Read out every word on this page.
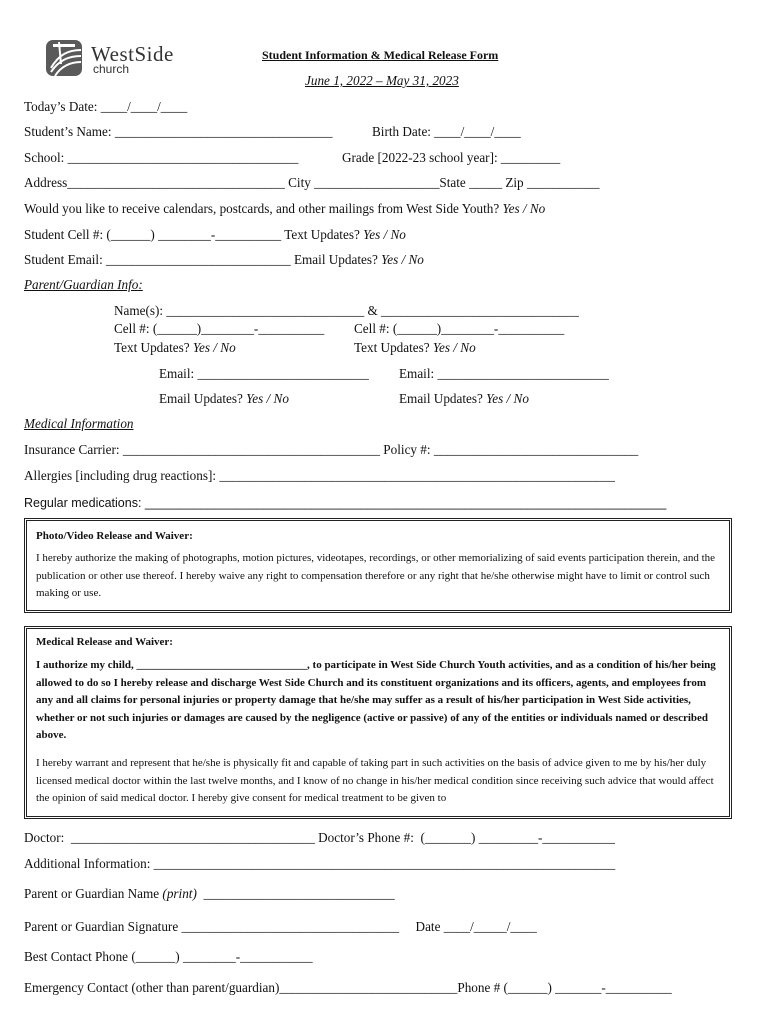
WestSide
church
Student Information & Medical Release Form
June 1, 2022 – May 31, 2023
Today’s Date: ____/____/____
Student’s Name: _________________________________	Birth Date: ____/____/____
School: ___________________________________	Grade [2022-23 school year]: _________
Address_________________________________ City ___________________State _____ Zip ___________
Would you like to receive calendars, postcards, and other mailings from West Side Youth? Yes / No
Student Cell #: (______) ________-__________ Text Updates? Yes / No
Student Email: ____________________________ Email Updates? Yes / No
Parent/Guardian Info:
Name(s): ______________________________ & ______________________________
Cell #: (______)________-__________ Cell #: (______)________-__________
Text Updates? Yes / No	Text Updates? Yes / No
Email: __________________________ Email: __________________________
Email Updates? Yes / No	Email Updates? Yes / No
Medical Information
Insurance Carrier: _______________________________________ Policy #: _______________________________
Allergies [including drug reactions]: ____________________________________________________________
Regular medications: ___________________________________________________________________________
Photo/Video Release and Waiver:
I hereby authorize the making of photographs, motion pictures, videotapes, recordings, or other memorializing of said events participation therein, and the publication or other use thereof. I hereby waive any right to compensation therefore or any right that he/she otherwise might have to limit or control such making or use.
Medical Release and Waiver:
I authorize my child, _______________________________, to participate in West Side Church Youth activities, and as a condition of his/her being allowed to do so I hereby release and discharge West Side Church and its constituent organizations and its officers, agents, and employees from any and all claims for personal injuries or property damage that he/she may suffer as a result of his/her participation in West Side activities, whether or not such injuries or damages are caused by the negligence (active or passive) of any of the entities or individuals named or described above.
I hereby warrant and represent that he/she is physically fit and capable of taking part in such activities on the basis of advice given to me by his/her duly licensed medical doctor within the last twelve months, and I know of no change in his/her medical condition since receiving such advice that would affect the opinion of said medical doctor. I hereby give consent for medical treatment to be given to
Doctor:  _____________________________________ Doctor’s Phone #:  (_______) _________-___________
Additional Information: ______________________________________________________________________
Parent or Guardian Name (print)  _____________________________
Parent or Guardian Signature _________________________________     Date ____/_____/____
Best Contact Phone (______) ________-___________
Emergency Contact (other than parent/guardian)___________________________Phone # (______) _______-__________
